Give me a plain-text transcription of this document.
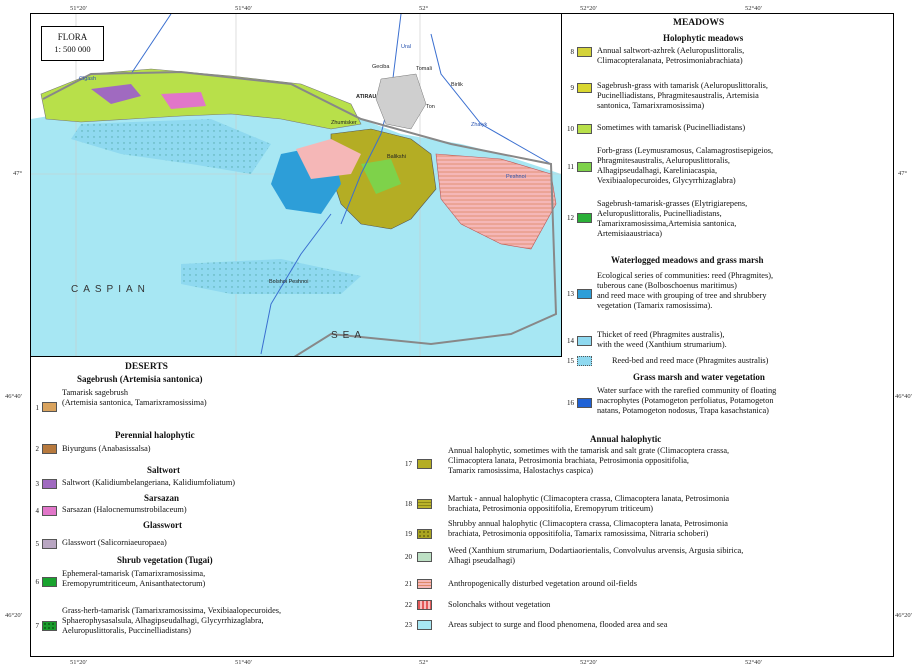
51°20'	51°40'	52°	52°20'	52°40'
51°20'	51°40'	52°	52°20'	52°40'
47°
46°40'
46°20'
47°
46°40'
46°20'
ATIRAU
Geciba	Tomali
Birlik
Ton
Zhumisker
Balikshi
Ural
Cigash
Zhaiyk
Peshnoi
Bolshoi Peshnoi
CASPIAN
SEA
FLORA
1: 500 000
MEADOWS
Holophytic meadows
8	Annual saltwort-azhrek (Aeluropuslittoralis,
Climacopteralanata, Petrosimoniabrachiata)
9	Sagebrush-grass with tamarisk (Aeluropuslittoralis,
Pucinelliadistans, Phragmitesaustralis, Artemisia
santonica, Tamarixramosissima)
10	Sometimes with tamarisk (Pucinelliadistans)
11
Forb-grass (Leymusramosus, Calamagrostisepigeios,
Phragmitesaustralis, Aeluropuslittoralis,
Alhagipseudalhagi, Kareliniacaspia,
Vexibiaalopecuroides, Glycyrrhizaglabra)
12
Sagebrush-tamarisk-grasses (Elytrigiarepens,
Aeluropuslittoralis, Pucinelliadistans,
Tamarixramosissima,Artemisia santonica,
Artemisiaaustriaca)
Waterlogged meadows and grass marsh
13
Ecological series of communities: reed (Phragmites),
tuberous cane (Bolboschoenus maritimus)
and reed mace with grouping of tree and shrubbery
vegetation (Tamarix ramosissima).
14
Thicket of reed (Phragmites australis),
with the weed (Xanthium strumarium).
15	Reed-bed and reed mace (Phragmites australis)
Grass marsh and water vegetation
16
Water surface with the rarefied community of floating
macrophytes (Potamogeton perfoliatus, Potamogeton
natans, Potamogeton nodosus, Trapa kasachstanica)
DESERTS
Sagebrush (Artemisia santonica)
1
Tamarisk sagebrush
(Artemisia santonica, Tamarixramosissima)
Perennial halophytic
2	Biyurguns (Anabasissalsa)
Saltwort
3	Saltwort (Kalidiumbelangeriana, Kalidiumfoliatum)
Sarsazan
4	Sarsazan (Halocnemumstrobilaceum)
Glasswort
5	Glasswort (Salicorniaeuropaea)
Shrub vegetation (Tugai)
6
Ephemeral-tamarisk (Tamarixramosissima,
Eremopyrumtriticeum, Anisanthatectorum)
7
Grass-herb-tamarisk (Tamarixramosissima, Vexibiaalopecuroides,
Sphaerophysasalsula, Alhagipseudalhagi, Glycyrrhizaglabra,
Aeluropuslittoralis, Puccinelliadistans)
Annual halophytic
17
Annual halophytic, sometimes with the tamarisk and salt grate (Climacoptera crassa,
Climacoptera lanata, Petrosimonia brachiata, Petrosimonia oppositifolia,
Tamarix ramosissima, Halostachys caspica)
18
Martuk - annual halophytic (Climacoptera crassa, Climacoptera lanata, Petrosimonia
brachiata, Petrosimonia oppositifolia, Eremopyrum triticeum)
19
Shrubby annual halophytic (Climacoptera crassa, Climacoptera lanata, Petrosimonia
brachiata, Petrosimonia oppositifolia, Tamarix ramosissima, Nitraria schoberi)
20
Weed (Xanthium strumarium, Dodartiaorientalis, Convolvulus arvensis, Argusia sibirica,
Alhagi pseudalhagi)
21	Anthropogenically disturbed vegetation around oil-fields
22	Solonchaks without vegetation
23	Areas subject to surge and flood phenomena, flooded area and sea
